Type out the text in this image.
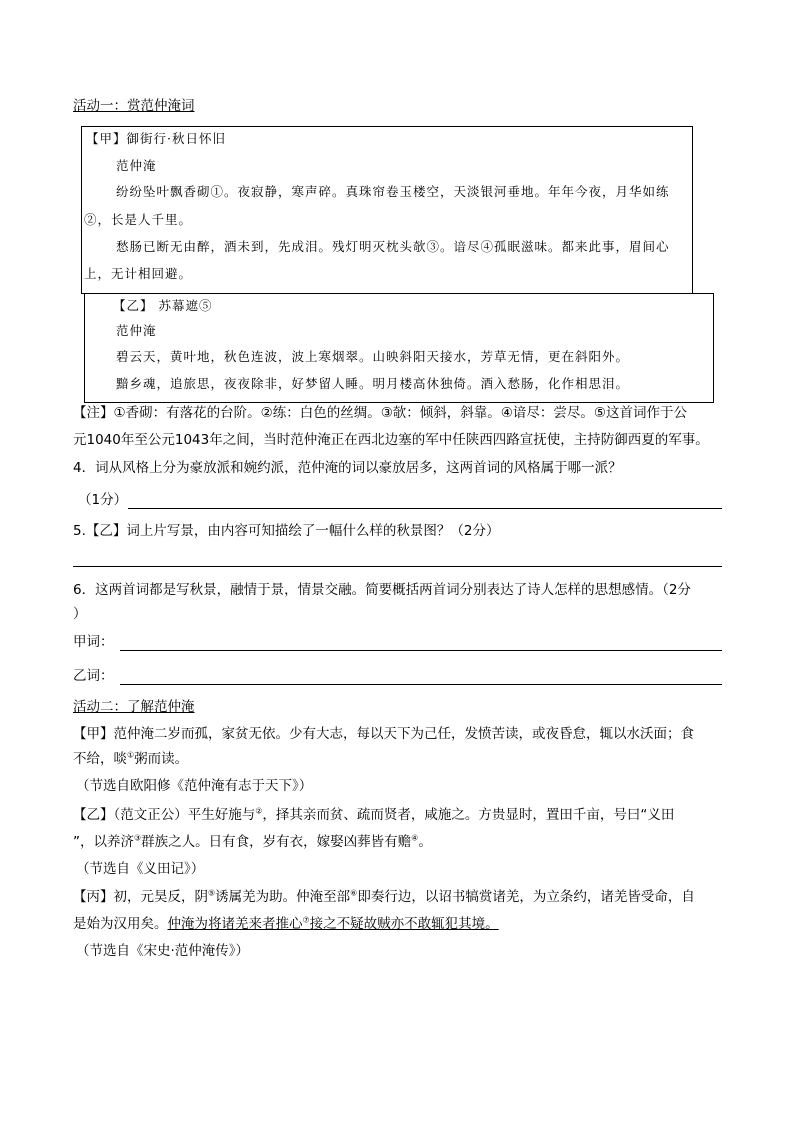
活动一：赏范仲淹词
【甲】御街行·秋日怀旧
范仲淹
纷纷坠叶飘香砌①。夜寂静，寒声碎。真珠帘卷玉楼空，天淡银河垂地。年年今夜，月华如练
②，长是人千里。
愁肠已断无由醉，酒未到，先成泪。残灯明灭枕头欹③。谙尽④孤眠滋味。都来此事，眉间心
上，无计相回避。
【乙】 苏幕遮⑤
范仲淹
碧云天，黄叶地，秋色连波，波上寒烟翠。山映斜阳天接水，芳草无情，更在斜阳外。
黯乡魂，追旅思，夜夜除非，好梦留人睡。明月楼高休独倚。酒入愁肠，化作相思泪。
【注】①香砌：有落花的台阶。②练：白色的丝绸。③欹：倾斜，斜靠。④谙尽：尝尽。⑤这首词作于公
元1040年至公元1043年之间，当时范仲淹正在西北边塞的军中任陕西四路宣抚使，主持防御西夏的军事。
4．词从风格上分为豪放派和婉约派，范仲淹的词以豪放居多，这两首词的风格属于哪一派？
（1分）
5.【乙】词上片写景，由内容可知描绘了一幅什么样的秋景图？（2分）
6．这两首词都是写秋景，融情于景，情景交融。简要概括两首词分别表达了诗人怎样的思想感情。（2分
）
甲词：
乙词：
活动二：了解范仲淹
【甲】范仲淹二岁而孤，家贫无依。少有大志，每以天下为己任，发愤苦读，或夜昏怠，辄以水沃面；食
不给，啖①粥而读。
（节选自欧阳修《范仲淹有志于天下》）
【乙】（范文正公）平生好施与②，择其亲而贫、疏而贤者，咸施之。方贵显时，置田千亩，号曰“义田
”，以养济③群族之人。日有食，岁有衣，嫁娶凶葬皆有赡④。
（节选自《义田记》）
【丙】初，元昊反，阴⑤诱属羌为助。仲淹至部⑥即奏行边，以诏书犒赏诸羌，为立条约，诸羌皆受命，自
是始为汉用矣。仲淹为将诸羌来者推心⑦接之不疑故贼亦不敢辄犯其境。
（节选自《宋史·范仲淹传》）
